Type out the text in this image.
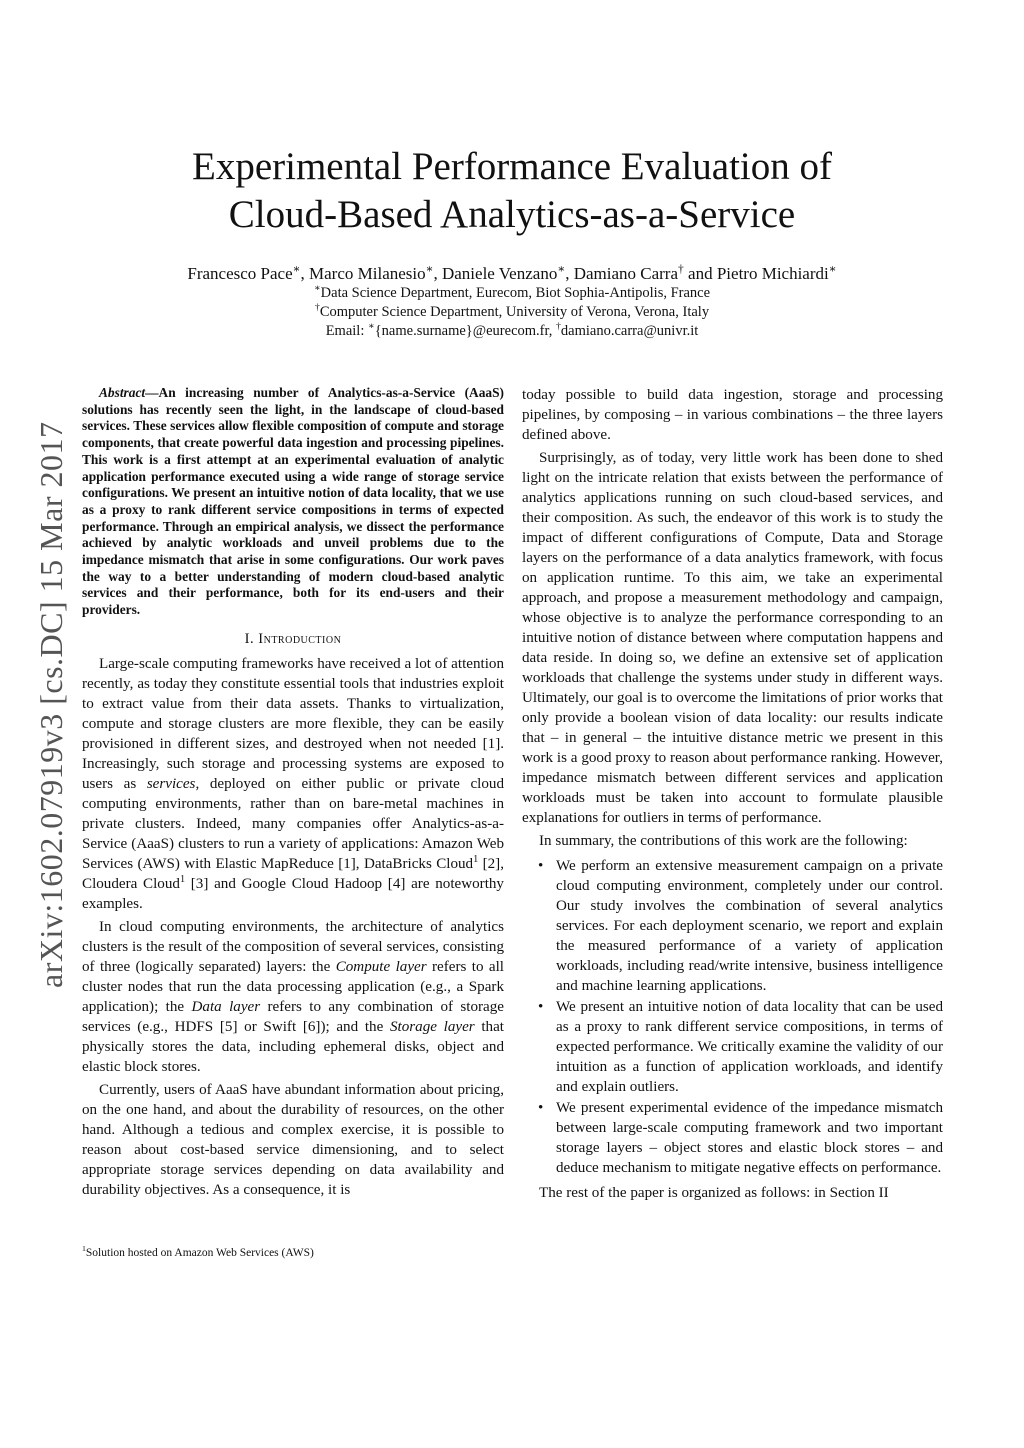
Experimental Performance Evaluation of
Cloud-Based Analytics-as-a-Service
Francesco Pace∗, Marco Milanesio∗, Daniele Venzano∗, Damiano Carra† and Pietro Michiardi∗
∗Data Science Department, Eurecom, Biot Sophia-Antipolis, France
†Computer Science Department, University of Verona, Verona, Italy
Email: ∗{name.surname}@eurecom.fr, †damiano.carra@univr.it
arXiv:1602.07919v3 [cs.DC] 15 Mar 2017

Abstract—An increasing number of Analytics-as-a-Service (AaaS) solutions has recently seen the light, in the landscape of cloud-based services. These services allow flexible composition of compute and storage components, that create powerful data ingestion and processing pipelines. This work is a first attempt at an experimental evaluation of analytic application performance executed using a wide range of storage service configurations. We present an intuitive notion of data locality, that we use as a proxy to rank different service compositions in terms of expected performance. Through an empirical analysis, we dissect the performance achieved by analytic workloads and unveil problems due to the impedance mismatch that arise in some configurations. Our work paves the way to a better understanding of modern cloud-based analytic services and their performance, both for its end-users and their providers.

I. Introduction

Large-scale computing frameworks have received a lot of attention recently, as today they constitute essential tools that industries exploit to extract value from their data assets. Thanks to virtualization, compute and storage clusters are more flexible, they can be easily provisioned in different sizes, and destroyed when not needed [1]. Increasingly, such storage and processing systems are exposed to users as services, deployed on either public or private cloud computing environments, rather than on bare-metal machines in private clusters. Indeed, many companies offer Analytics-as-a-Service (AaaS) clusters to run a variety of applications: Amazon Web Services (AWS) with Elastic MapReduce [1], DataBricks Cloud$^1$ [2], Cloudera Cloud$^1$ [3] and Google Cloud Hadoop [4] are noteworthy examples.

In cloud computing environments, the architecture of analytics clusters is the result of the composition of several services, consisting of three (logically separated) layers: the Compute layer refers to all cluster nodes that run the data processing application (e.g., a Spark application); the Data layer refers to any combination of storage services (e.g., HDFS [5] or Swift [6]); and the Storage layer that physically stores the data, including ephemeral disks, object and elastic block stores.

Currently, users of AaaS have abundant information about pricing, on the one hand, and about the durability of resources, on the other hand. Although a tedious and complex exercise, it is possible to reason about cost-based service dimensioning, and to select appropriate storage services depending on data availability and durability objectives. As a consequence, it is

$^1$Solution hosted on Amazon Web Services (AWS)

today possible to build data ingestion, storage and processing pipelines, by composing – in various combinations – the three layers defined above.

Surprisingly, as of today, very little work has been done to shed light on the intricate relation that exists between the performance of analytics applications running on such cloud-based services, and their composition. As such, the endeavor of this work is to study the impact of different configurations of Compute, Data and Storage layers on the performance of a data analytics framework, with focus on application runtime. To this aim, we take an experimental approach, and propose a measurement methodology and campaign, whose objective is to analyze the performance corresponding to an intuitive notion of distance between where computation happens and data reside. In doing so, we define an extensive set of application workloads that challenge the systems under study in different ways. Ultimately, our goal is to overcome the limitations of prior works that only provide a boolean vision of data locality: our results indicate that – in general – the intuitive distance metric we present in this work is a good proxy to reason about performance ranking. However, impedance mismatch between different services and application workloads must be taken into account to formulate plausible explanations for outliers in terms of performance.

In summary, the contributions of this work are the following:

• We perform an extensive measurement campaign on a private cloud computing environment, completely under our control. Our study involves the combination of several analytics services. For each deployment scenario, we report and explain the measured performance of a variety of application workloads, including read/write intensive, business intelligence and machine learning applications.
• We present an intuitive notion of data locality that can be used as a proxy to rank different service compositions, in terms of expected performance. We critically examine the validity of our intuition as a function of application workloads, and identify and explain outliers.
• We present experimental evidence of the impedance mismatch between large-scale computing framework and two important storage layers – object stores and elastic block stores – and deduce mechanism to mitigate negative effects on performance.

The rest of the paper is organized as follows: in Section II
